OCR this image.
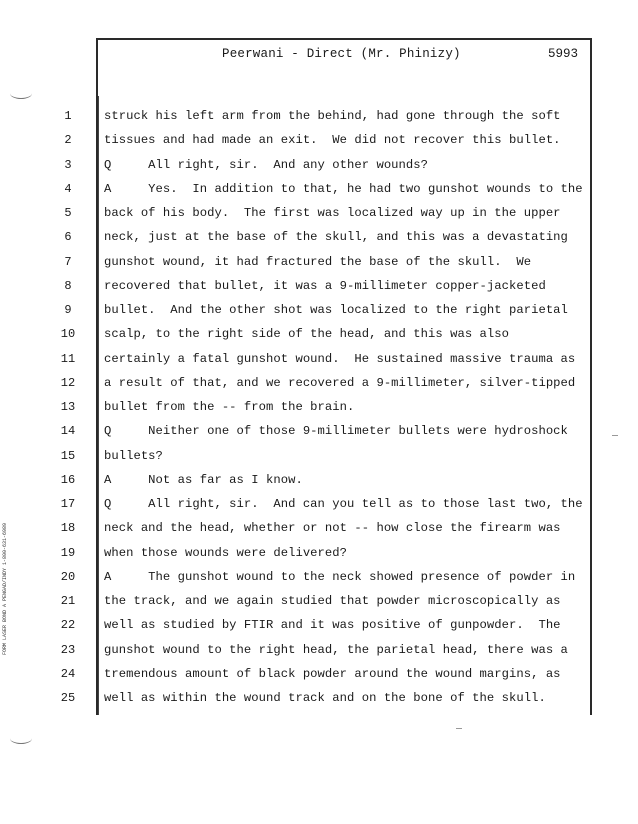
Peerwani - Direct (Mr. Phinizy)	5993
1
2
3
4
5
6
7
8
9
10
11
12
13
14
15
16
17
18
19
20
21
22
23
24
25
struck his left arm from the behind, had gone through the soft
tissues and had made an exit.  We did not recover this bullet.
Q     All right, sir.  And any other wounds?
A     Yes.  In addition to that, he had two gunshot wounds to the
back of his body.  The first was localized way up in the upper
neck, just at the base of the skull, and this was a devastating
gunshot wound, it had fractured the base of the skull.  We
recovered that bullet, it was a 9-millimeter copper-jacketed
bullet.  And the other shot was localized to the right parietal
scalp, to the right side of the head, and this was also
certainly a fatal gunshot wound.  He sustained massive trauma as
a result of that, and we recovered a 9-millimeter, silver-tipped
bullet from the -- from the brain.
Q     Neither one of those 9-millimeter bullets were hydroshock
bullets?
A     Not as far as I know.
Q     All right, sir.  And can you tell as to those last two, the
neck and the head, whether or not -- how close the firearm was
when those wounds were delivered?
A     The gunshot wound to the neck showed presence of powder in
the track, and we again studied that powder microscopically as
well as studied by FTIR and it was positive of gunpowder.  The
gunshot wound to the right head, the parietal head, there was a
tremendous amount of black powder around the wound margins, as
well as within the wound track and on the bone of the skull.
FORM LASER BOND A PENGAD/INDY 1-800-631-6989
